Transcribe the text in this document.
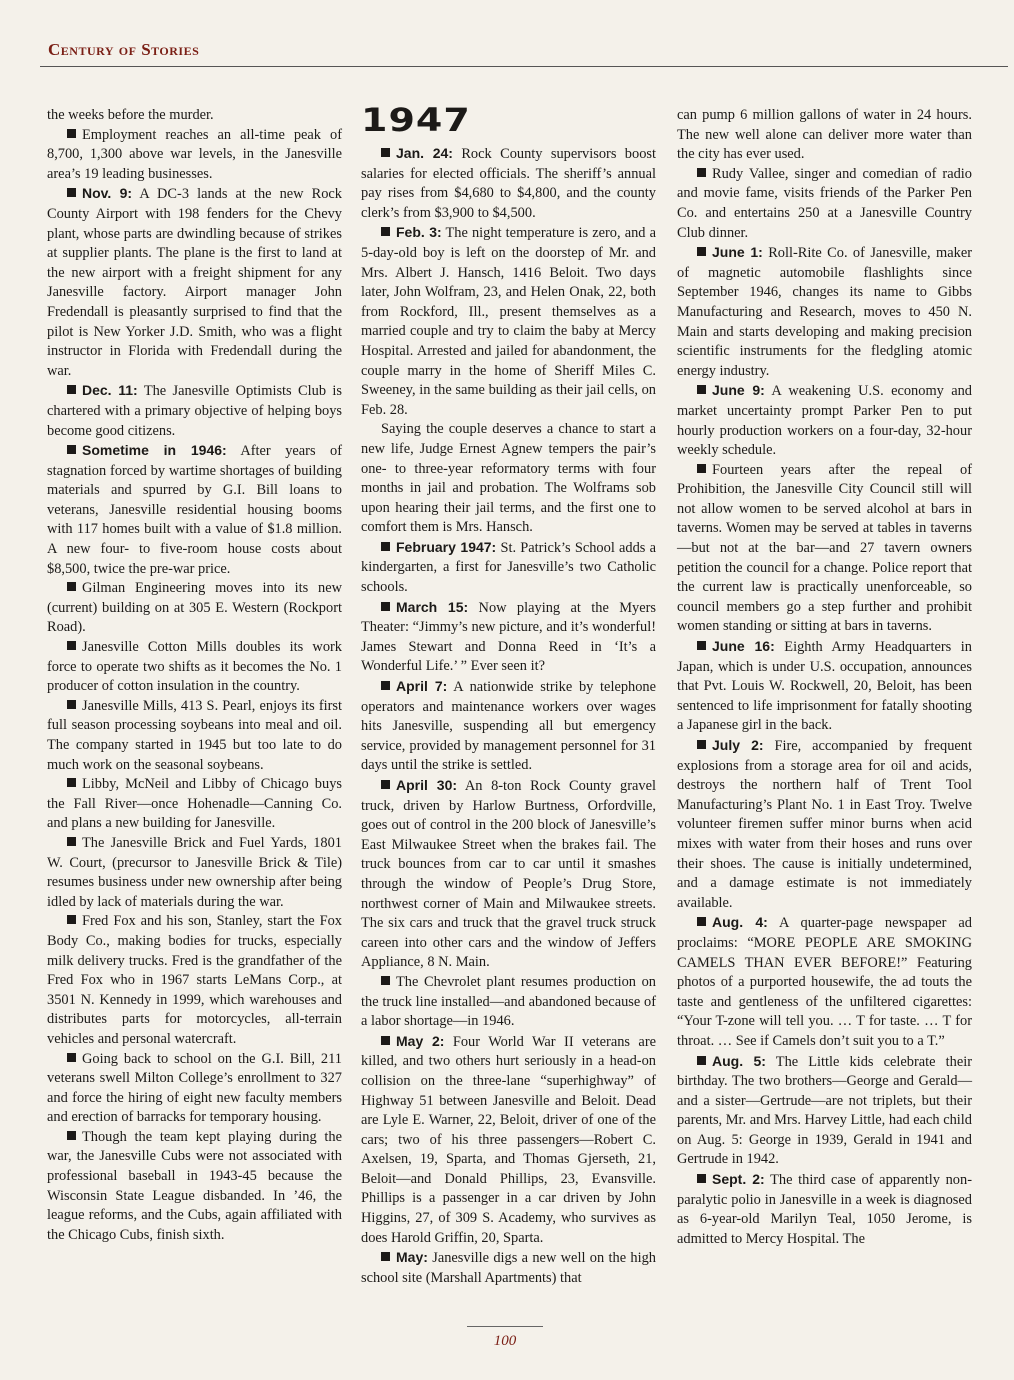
Century of Stories

the weeks before the murder.

Employment reaches an all-time peak of 8,700, 1,300 above war levels, in the Janesville area’s 19 leading businesses.

Nov. 9: A DC-3 lands at the new Rock County Airport with 198 fenders for the Chevy plant, whose parts are dwindling because of strikes at supplier plants. The plane is the first to land at the new airport with a freight shipment for any Janesville factory. Airport manager John Fredendall is pleasantly surprised to find that the pilot is New Yorker J.D. Smith, who was a flight instructor in Florida with Fredendall during the war.

Dec. 11: The Janesville Optimists Club is chartered with a primary objective of helping boys become good citizens.

Sometime in 1946: After years of stagnation forced by wartime shortages of building materials and spurred by G.I. Bill loans to veterans, Janesville residential housing booms with 117 homes built with a value of $1.8 million. A new four- to five-room house costs about $8,500, twice the pre-war price.

Gilman Engineering moves into its new (current) building on at 305 E. Western (Rockport Road).

Janesville Cotton Mills doubles its work force to operate two shifts as it becomes the No. 1 producer of cotton insulation in the country.

Janesville Mills, 413 S. Pearl, enjoys its first full season processing soybeans into meal and oil. The company started in 1945 but too late to do much work on the seasonal soybeans.

Libby, McNeil and Libby of Chicago buys the Fall River—once Hohenadle—Canning Co. and plans a new building for Janesville.

The Janesville Brick and Fuel Yards, 1801 W. Court, (precursor to Janesville Brick & Tile) resumes business under new ownership after being idled by lack of materials during the war.

Fred Fox and his son, Stanley, start the Fox Body Co., making bodies for trucks, especially milk delivery trucks. Fred is the grandfather of the Fred Fox who in 1967 starts LeMans Corp., at 3501 N. Kennedy in 1999, which warehouses and distributes parts for motorcycles, all-terrain vehicles and personal watercraft.

Going back to school on the G.I. Bill, 211 veterans swell Milton College’s enrollment to 327 and force the hiring of eight new faculty members and erection of barracks for temporary housing.

Though the team kept playing during the war, the Janesville Cubs were not associated with professional baseball in 1943-45 because the Wisconsin State League disbanded. In ’46, the league reforms, and the Cubs, again affiliated with the Chicago Cubs, finish sixth.

1947

Jan. 24: Rock County supervisors boost salaries for elected officials. The sheriff’s annual pay rises from $4,680 to $4,800, and the county clerk’s from $3,900 to $4,500.

Feb. 3: The night temperature is zero, and a 5-day-old boy is left on the doorstep of Mr. and Mrs. Albert J. Hansch, 1416 Beloit. Two days later, John Wolfram, 23, and Helen Onak, 22, both from Rockford, Ill., present themselves as a married couple and try to claim the baby at Mercy Hospital. Arrested and jailed for abandonment, the couple marry in the home of Sheriff Miles C. Sweeney, in the same building as their jail cells, on Feb. 28.

Saying the couple deserves a chance to start a new life, Judge Ernest Agnew tempers the pair’s one- to three-year reformatory terms with four months in jail and probation. The Wolframs sob upon hearing their jail terms, and the first one to comfort them is Mrs. Hansch.

February 1947: St. Patrick’s School adds a kindergarten, a first for Janesville’s two Catholic schools.

March 15: Now playing at the Myers Theater: “Jimmy’s new picture, and it’s wonderful! James Stewart and Donna Reed in ‘It’s a Wonderful Life.’ ” Ever seen it?

April 7: A nationwide strike by telephone operators and maintenance workers over wages hits Janesville, suspending all but emergency service, provided by management personnel for 31 days until the strike is settled.

April 30: An 8-ton Rock County gravel truck, driven by Harlow Burtness, Orfordville, goes out of control in the 200 block of Janesville’s East Milwaukee Street when the brakes fail. The truck bounces from car to car until it smashes through the window of People’s Drug Store, northwest corner of Main and Milwaukee streets. The six cars and truck that the gravel truck struck careen into other cars and the window of Jeffers Appliance, 8 N. Main.

The Chevrolet plant resumes production on the truck line installed—and abandoned because of a labor shortage—in 1946.

May 2: Four World War II veterans are killed, and two others hurt seriously in a head-on collision on the three-lane “superhighway” of Highway 51 between Janesville and Beloit. Dead are Lyle E. Warner, 22, Beloit, driver of one of the cars; two of his three passengers—Robert C. Axelsen, 19, Sparta, and Thomas Gjerseth, 21, Beloit—and Donald Phillips, 23, Evansville. Phillips is a passenger in a car driven by John Higgins, 27, of 309 S. Academy, who survives as does Harold Griffin, 20, Sparta.

May: Janesville digs a new well on the high school site (Marshall Apartments) that

can pump 6 million gallons of water in 24 hours. The new well alone can deliver more water than the city has ever used.

Rudy Vallee, singer and comedian of radio and movie fame, visits friends of the Parker Pen Co. and entertains 250 at a Janesville Country Club dinner.

June 1: Roll-Rite Co. of Janesville, maker of magnetic automobile flashlights since September 1946, changes its name to Gibbs Manufacturing and Research, moves to 450 N. Main and starts developing and making precision scientific instruments for the fledgling atomic energy industry.

June 9: A weakening U.S. economy and market uncertainty prompt Parker Pen to put hourly production workers on a four-day, 32-hour weekly schedule.

Fourteen years after the repeal of Prohibition, the Janesville City Council still will not allow women to be served alcohol at bars in taverns. Women may be served at tables in taverns—but not at the bar—and 27 tavern owners petition the council for a change. Police report that the current law is practically unenforceable, so council members go a step further and prohibit women standing or sitting at bars in taverns.

June 16: Eighth Army Headquarters in Japan, which is under U.S. occupation, announces that Pvt. Louis W. Rockwell, 20, Beloit, has been sentenced to life imprisonment for fatally shooting a Japanese girl in the back.

July 2: Fire, accompanied by frequent explosions from a storage area for oil and acids, destroys the northern half of Trent Tool Manufacturing’s Plant No. 1 in East Troy. Twelve volunteer firemen suffer minor burns when acid mixes with water from their hoses and runs over their shoes. The cause is initially undetermined, and a damage estimate is not immediately available.

Aug. 4: A quarter-page newspaper ad proclaims: “MORE PEOPLE ARE SMOKING CAMELS THAN EVER BEFORE!” Featuring photos of a purported housewife, the ad touts the taste and gentleness of the unfiltered cigarettes: “Your T-zone will tell you. … T for taste. … T for throat. … See if Camels don’t suit you to a T.”

Aug. 5: The Little kids celebrate their birthday. The two brothers—George and Gerald—and a sister—Gertrude—are not triplets, but their parents, Mr. and Mrs. Harvey Little, had each child on Aug. 5: George in 1939, Gerald in 1941 and Gertrude in 1942.

Sept. 2: The third case of apparently non-paralytic polio in Janesville in a week is diagnosed as 6-year-old Marilyn Teal, 1050 Jerome, is admitted to Mercy Hospital. The

100
